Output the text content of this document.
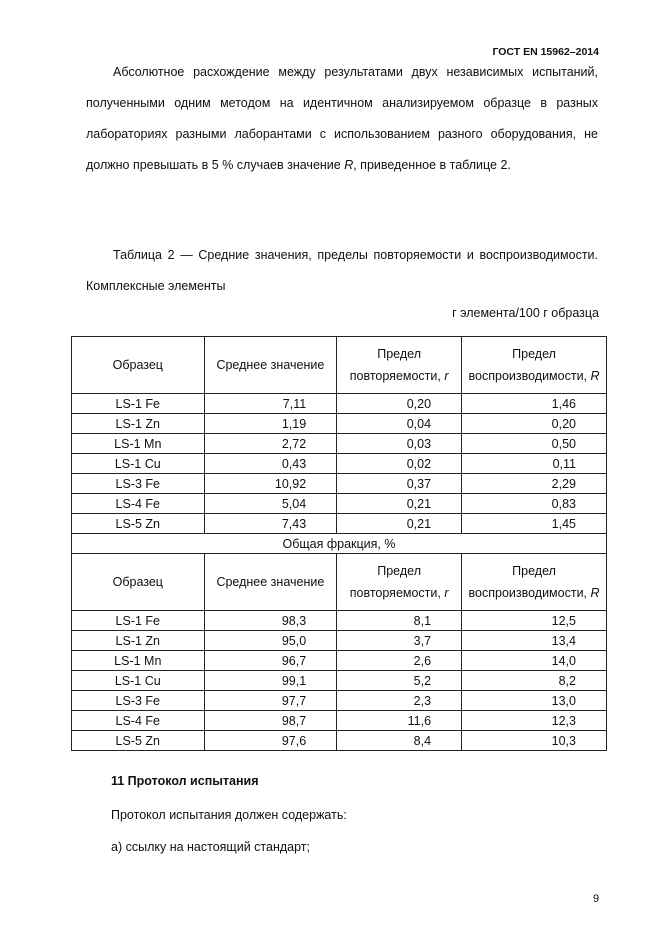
ГОСТ EN 15962–2014
Абсолютное расхождение между результатами двух независимых испытаний, полученными одним методом на идентичном анализируемом образце в разных лабораториях разными лаборантами с использованием разного оборудования, не должно превышать в 5 % случаев значение R, приведенное в таблице 2.
Таблица 2 — Средние значения, пределы повторяемости и воспроизводимости. Комплексные элементы
г элемента/100 г образца
Образец	Среднее значение	Предел повторяемости, r	Предел воспроизводимости, R
LS-1 Fe	7,11	0,20	1,46
LS-1 Zn	1,19	0,04	0,20
LS-1 Mn	2,72	0,03	0,50
LS-1 Cu	0,43	0,02	0,11
LS-3 Fe	10,92	0,37	2,29
LS-4 Fe	5,04	0,21	0,83
LS-5 Zn	7,43	0,21	1,45
Общая фракция, %			
Образец	Среднее значение	Предел повторяемости, r	Предел воспроизводимости, R
LS-1 Fe	98,3	8,1	12,5
LS-1 Zn	95,0	3,7	13,4
LS-1 Mn	96,7	2,6	14,0
LS-1 Cu	99,1	5,2	8,2
LS-3 Fe	97,7	2,3	13,0
LS-4 Fe	98,7	11,6	12,3
LS-5 Zn	97,6	8,4	10,3
11 Протокол испытания
Протокол испытания должен содержать:
а) ссылку на настоящий стандарт;
9
